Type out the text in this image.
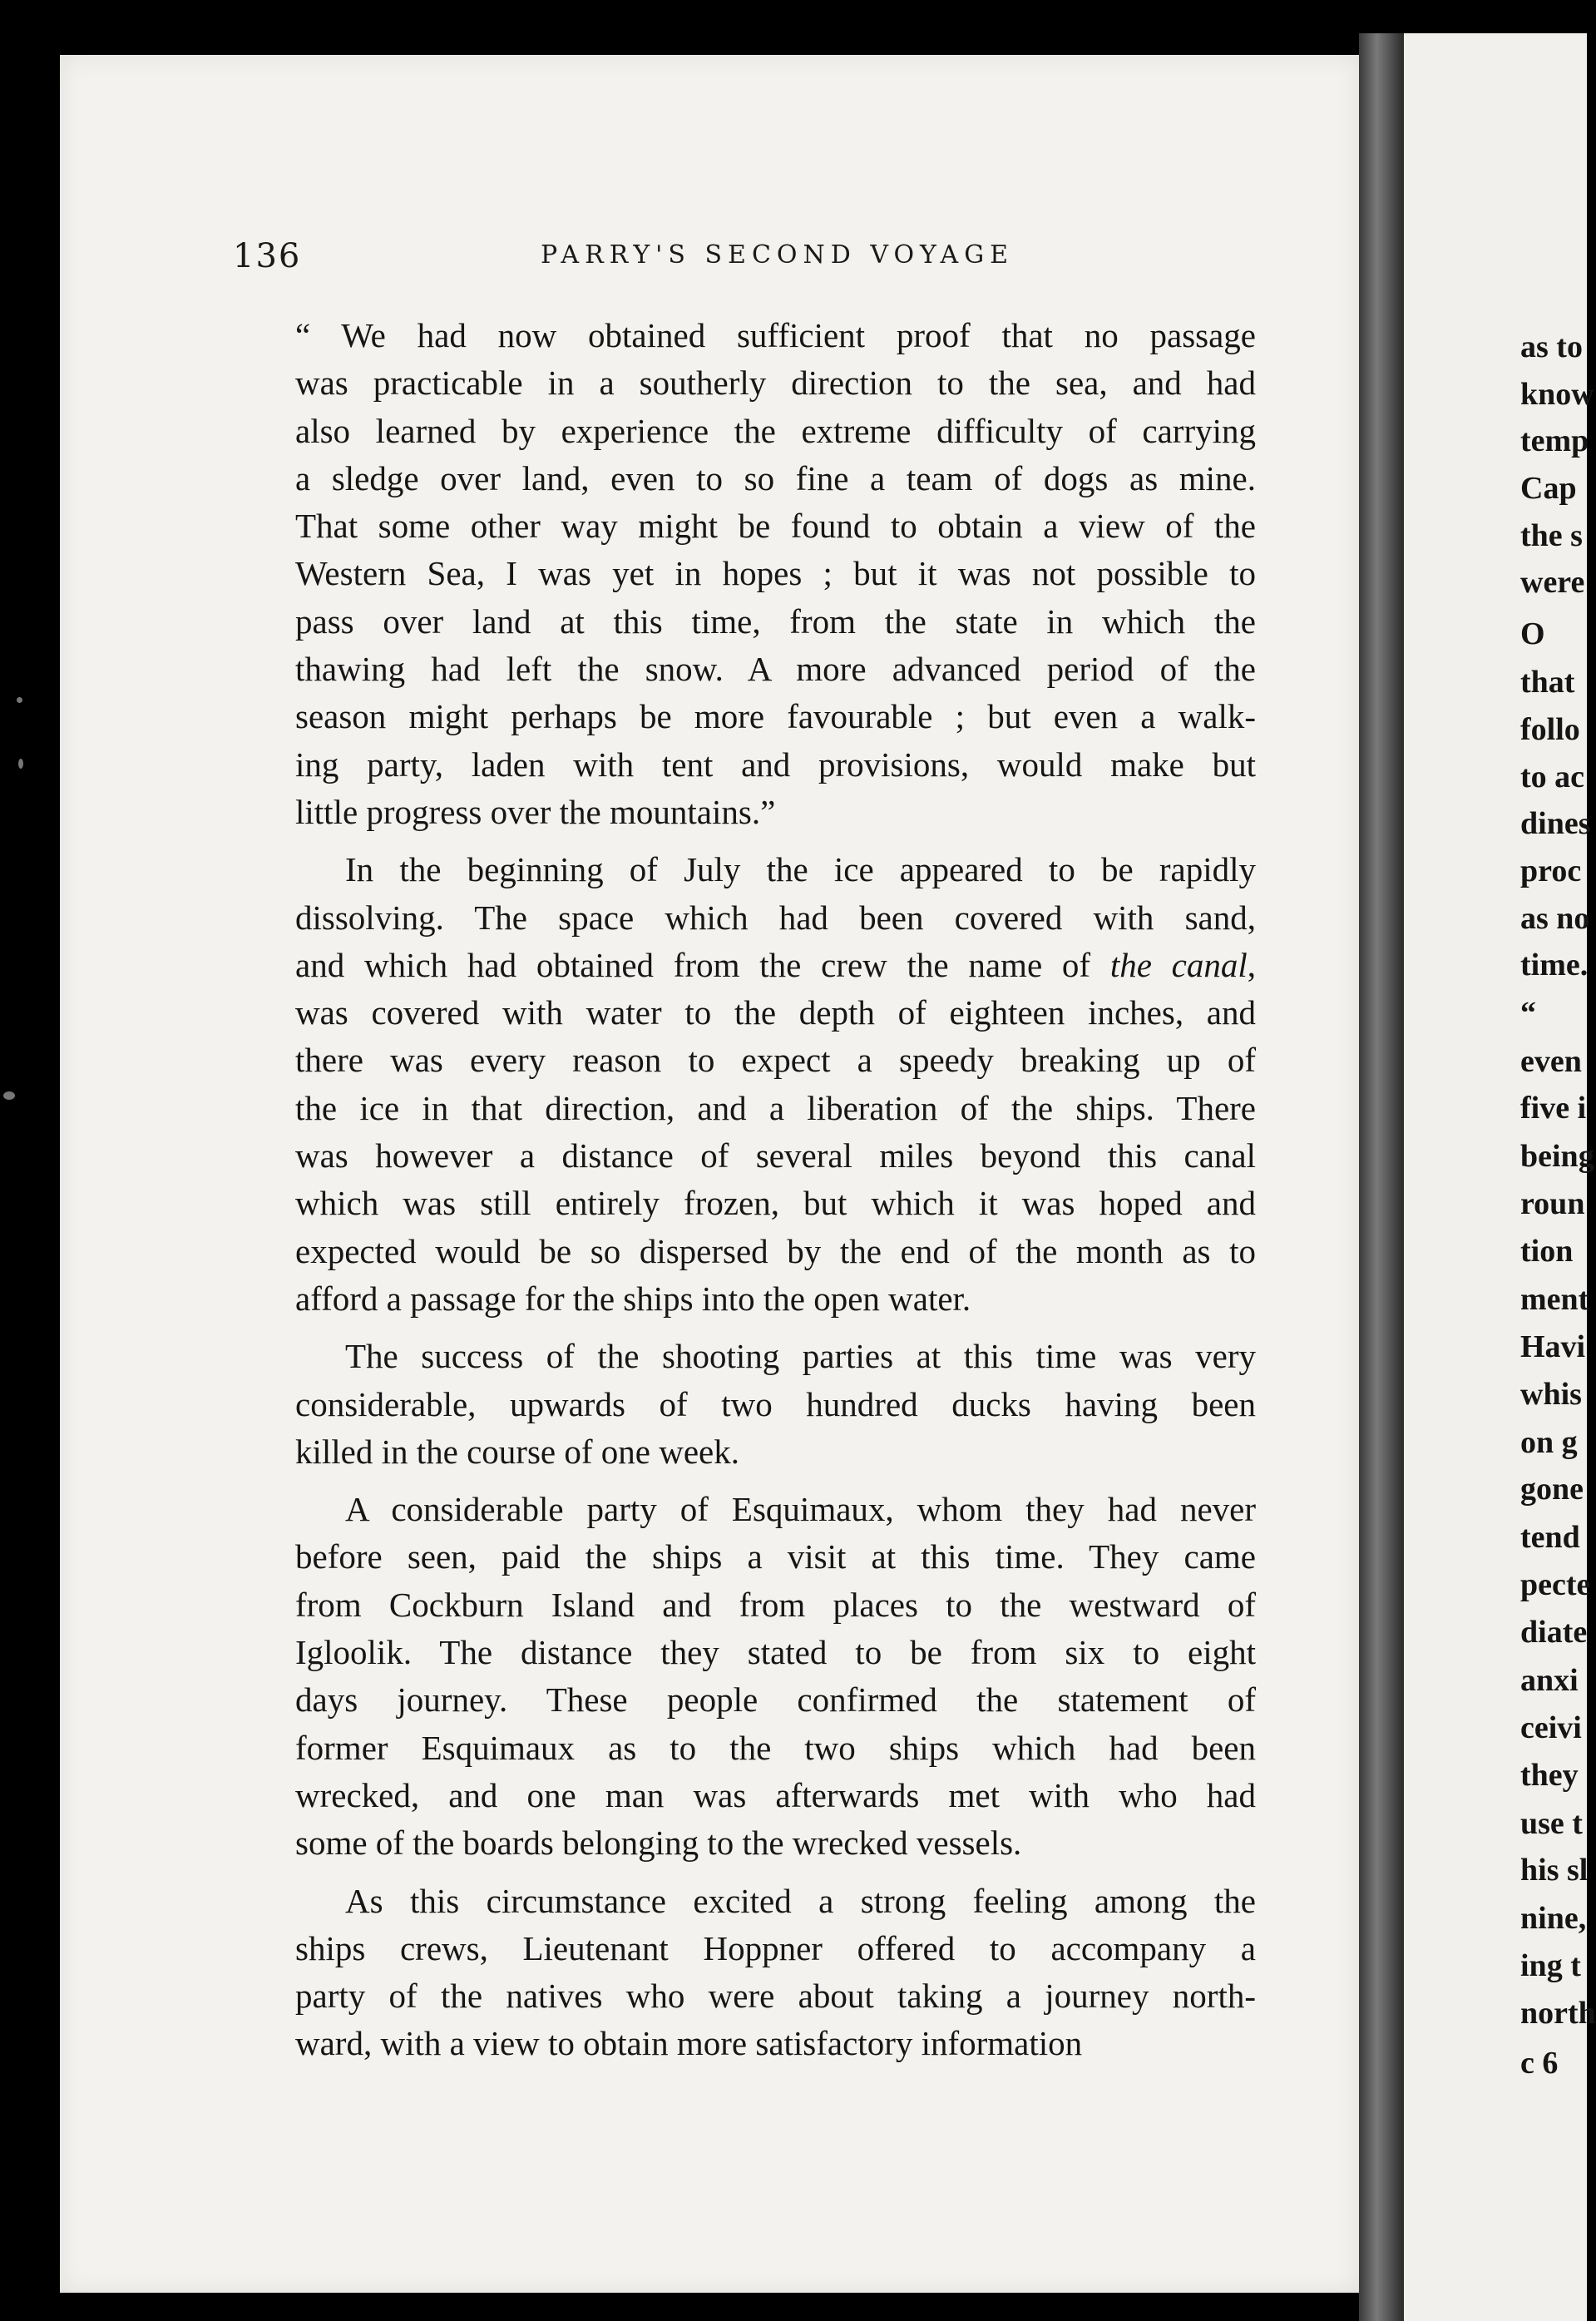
136	PARRY'S SECOND VOYAGE
“ We had now obtained sufficient proof that no passage
was practicable in a southerly direction to the sea, and had
also learned by experience the extreme difficulty of carrying
a sledge over land, even to so fine a team of dogs as mine.
That some other way might be found to obtain a view of the
Western Sea, I was yet in hopes ; but it was not possible to
pass over land at this time, from the state in which the
thawing had left the snow. A more advanced period of the
season might perhaps be more favourable ; but even a walk-
ing party, laden with tent and provisions, would make but
little progress over the mountains.”
In the beginning of July the ice appeared to be rapidly
dissolving. The space which had been covered with sand,
and which had obtained from the crew the name of the canal,
was covered with water to the depth of eighteen inches, and
there was every reason to expect a speedy breaking up of
the ice in that direction, and a liberation of the ships. There
was however a distance of several miles beyond this canal
which was still entirely frozen, but which it was hoped and
expected would be so dispersed by the end of the month as to
afford a passage for the ships into the open water.
The success of the shooting parties at this time was very
considerable, upwards of two hundred ducks having been
killed in the course of one week.
A considerable party of Esquimaux, whom they had never
before seen, paid the ships a visit at this time. They came
from Cockburn Island and from places to the westward of
Igloolik. The distance they stated to be from six to eight
days journey. These people confirmed the statement of
former Esquimaux as to the two ships which had been
wrecked, and one man was afterwards met with who had
some of the boards belonging to the wrecked vessels.
As this circumstance excited a strong feeling among the
ships crews, Lieutenant Hoppner offered to accompany a
party of the natives who were about taking a journey north-
ward, with a view to obtain more satisfactory information
as to
know
temp
Cap
the s
were
O
that
follo
to ac
dines
proc
as no
time.
“
even
five i
being
roun
tion
ment
Havi
whis
on g
gone
tend
pecte
diate
anxi
ceivi
they
use t
his sl
nine,
ing t
north
c 6
